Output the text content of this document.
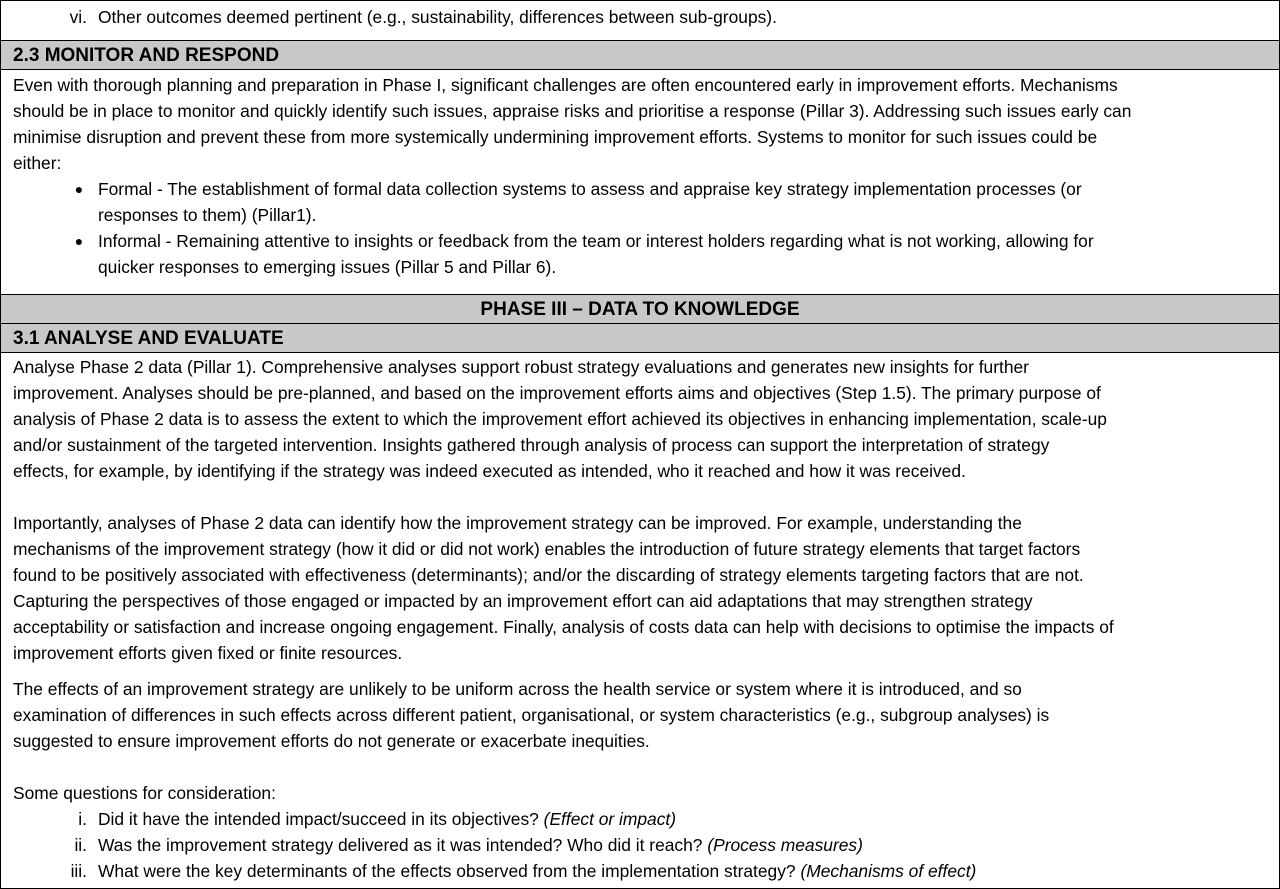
vi. Other outcomes deemed pertinent (e.g., sustainability, differences between sub-groups).
2.3 MONITOR AND RESPOND

Even with thorough planning and preparation in Phase I, significant challenges are often encountered early in improvement efforts. Mechanisms

should be in place to monitor and quickly identify such issues, appraise risks and prioritise a response (Pillar 3). Addressing such issues early can

minimise disruption and prevent these from more systemically undermining improvement efforts. Systems to monitor for such issues could be

either:

● Formal - The establishment of formal data collection systems to assess and appraise key strategy implementation processes (or
responses to them) (Pillar1).
● Informal - Remaining attentive to insights or feedback from the team or interest holders regarding what is not working, allowing for
quicker responses to emerging issues (Pillar 5 and Pillar 6).
PHASE III – DATA TO KNOWLEDGE
3.1 ANALYSE AND EVALUATE

Analyse Phase 2 data (Pillar 1). Comprehensive analyses support robust strategy evaluations and generates new insights for further

improvement. Analyses should be pre-planned, and based on the improvement efforts aims and objectives (Step 1.5). The primary purpose of

analysis of Phase 2 data is to assess the extent to which the improvement effort achieved its objectives in enhancing implementation, scale-up

and/or sustainment of the targeted intervention. Insights gathered through analysis of process can support the interpretation of strategy

effects, for example, by identifying if the strategy was indeed executed as intended, who it reached and how it was received.

Importantly, analyses of Phase 2 data can identify how the improvement strategy can be improved. For example, understanding the

mechanisms of the improvement strategy (how it did or did not work) enables the introduction of future strategy elements that target factors

found to be positively associated with effectiveness (determinants); and/or the discarding of strategy elements targeting factors that are not.

Capturing the perspectives of those engaged or impacted by an improvement effort can aid adaptations that may strengthen strategy

acceptability or satisfaction and increase ongoing engagement. Finally, analysis of costs data can help with decisions to optimise the impacts of

improvement efforts given fixed or finite resources.

The effects of an improvement strategy are unlikely to be uniform across the health service or system where it is introduced, and so

examination of differences in such effects across different patient, organisational, or system characteristics (e.g., subgroup analyses) is

suggested to ensure improvement efforts do not generate or exacerbate inequities.

Some questions for consideration:

i. Did it have the intended impact/succeed in its objectives? (Effect or impact)
ii. Was the improvement strategy delivered as it was intended? Who did it reach? (Process measures)
iii. What were the key determinants of the effects observed from the implementation strategy? (Mechanisms of effect)
